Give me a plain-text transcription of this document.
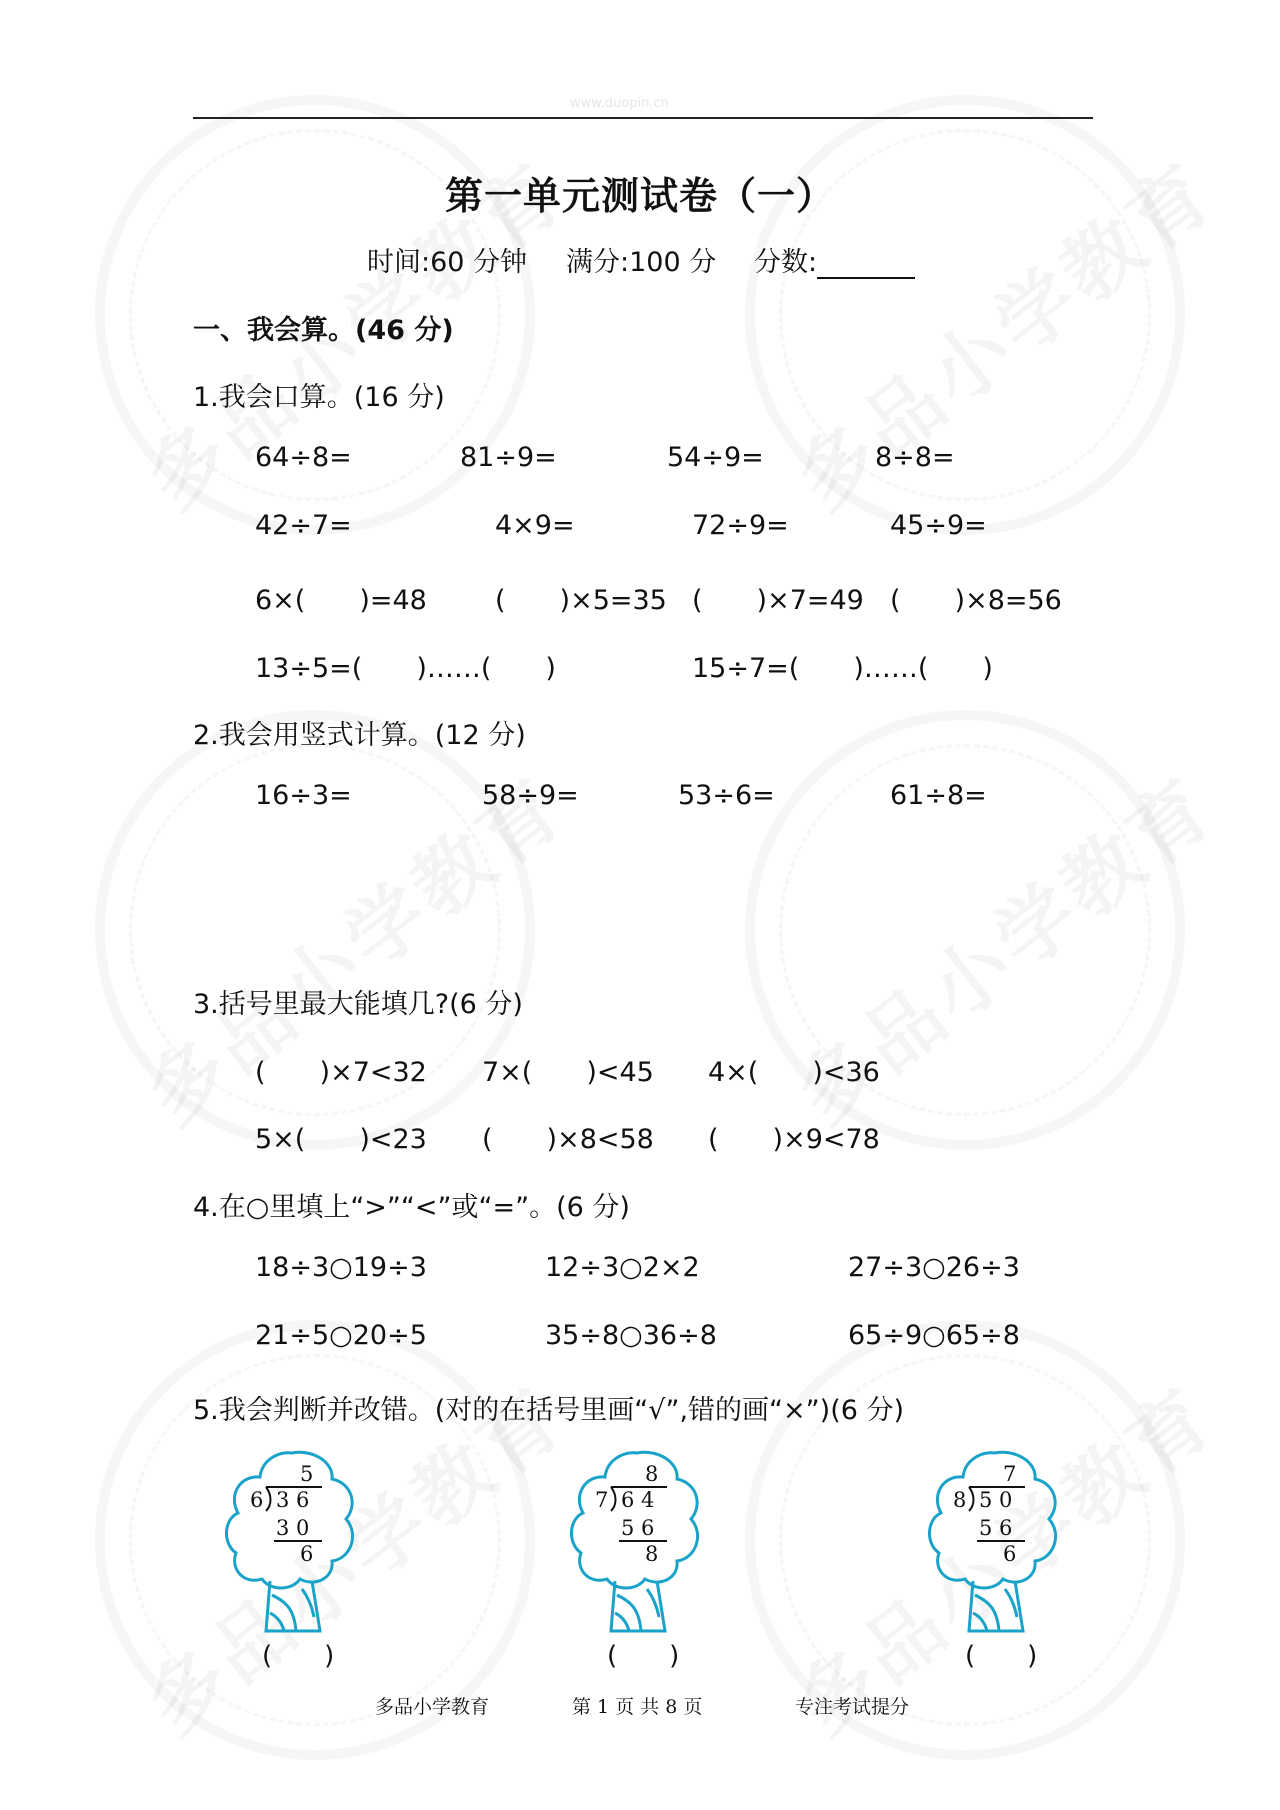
www.duopin.cn
第一单元测试卷（一）
时间:60 分钟 满分:100 分 分数:
一、我会算。(46 分)
1.我会口算。(16 分)
64÷8=	81÷9=	54÷9=	8÷8=
42÷7=	4×9=	72÷9=	45÷9=
6×(　　)=48	(　　)×5=35 (　　)×7=49 (　　)×8=56
13÷5=(　　)……(　　)	15÷7=(　　)……(　　)
2.我会用竖式计算。(12 分)
16÷3=	58÷9=	53÷6=	61÷8=
3.括号里最大能填几?(6 分)
(　　)×7<32 7×(　　)<45 4×(　　)<36
5×(　　)<23 (　　)×8<58 (　　)×9<78
4.在○里填上“>”“<”或“=”。(6 分)
18÷3○19÷3	12÷3○2×2	27÷3○26÷3
21÷5○20÷5	35÷8○36÷8	65÷9○65÷8
5.我会判断并改错。(对的在括号里画“√”,错的画“×”)(6 分)
5
6 3 6
3 0
6
(　　)
8
7 6 4
5 6
8
(　　)
7
8 5 0
5 6
6
(　　)
多品小学教育	第 1 页 共 8 页	专注考试提分
